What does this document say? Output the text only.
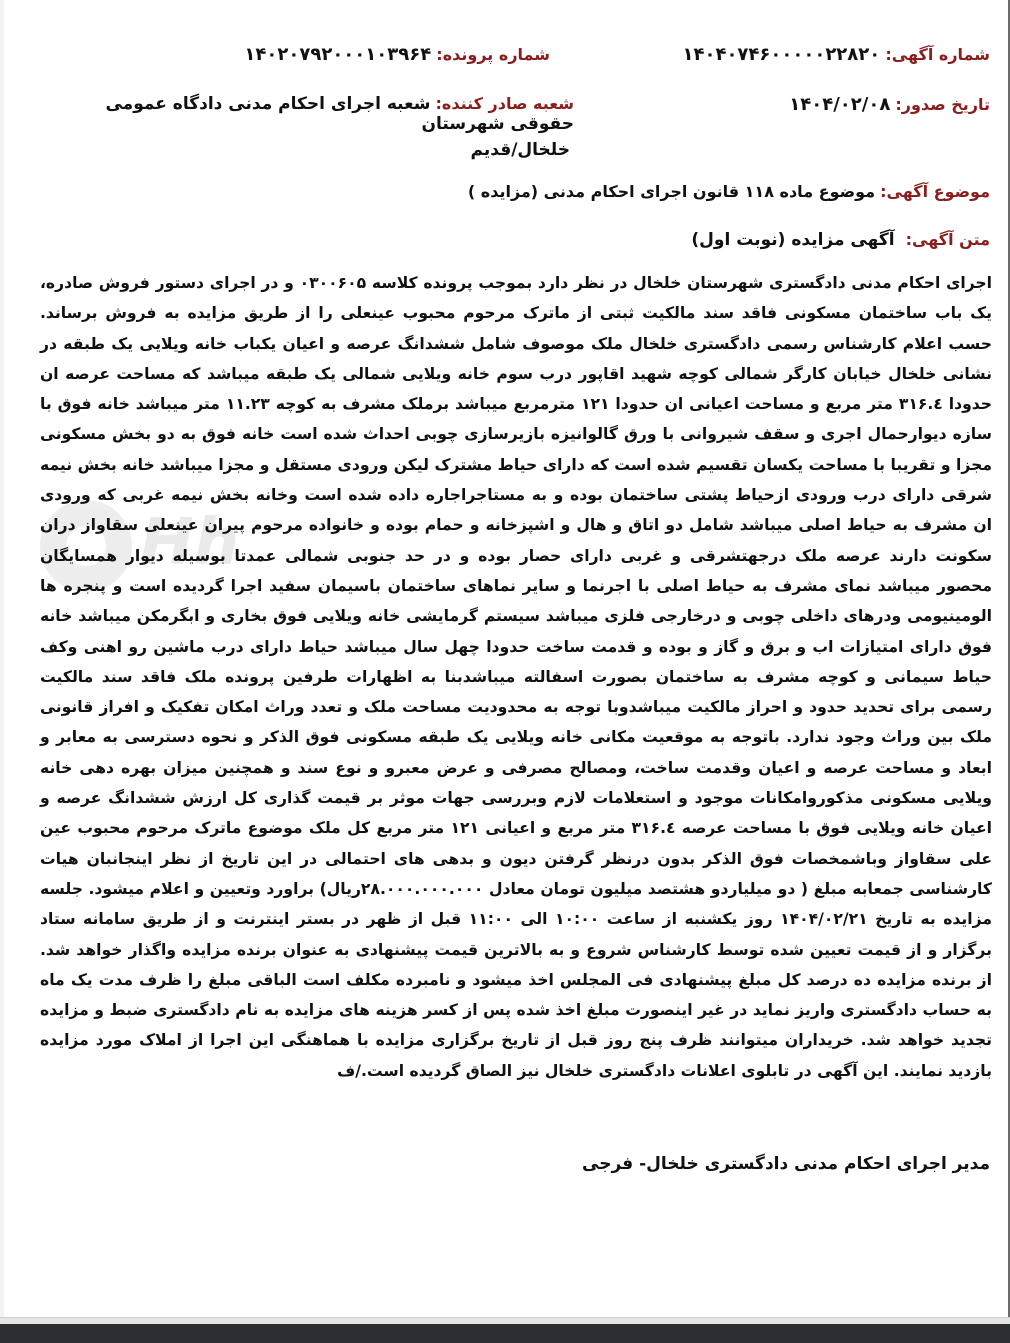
شماره آگهی: ۱۴۰۴۰۷۴۶۰۰۰۰۰۲۲۸۲۰
شماره پرونده: ۱۴۰۲۰۷۹۲۰۰۰۱۰۳۹۶۴
تاریخ صدور: ۱۴۰۴/۰۲/۰۸
شعبه صادر کننده: شعبه اجرای احکام مدنی دادگاه عمومی حقوقی شهرستان
خلخال/قدیم
موضوع آگهی: موضوع ماده ۱۱۸ قانون اجرای احکام مدنی (مزایده )
متن آگهی: آگهی مزایده (نوبت اول)
Hh
اجرای احکام مدنی دادگستری شهرستان خلخال در نظر دارد بموجب پرونده کلاسه ۰۳۰۰۶۰۵ و در اجرای دستور فروش صادره، یک باب ساختمان مسکونی فاقد سند مالکیت ثبتی از ماترک مرحوم محبوب عینعلی را از طریق مزایده به فروش برساند. حسب اعلام کارشناس رسمی دادگستری خلخال ملک موصوف شامل ششدانگ عرصه و اعیان یکباب خانه ویلایی یک طبقه در نشانی خلخال خیابان کارگر شمالی کوچه شهید اقاپور درب سوم خانه ویلایی شمالی یک طبقه میباشد که مساحت عرصه ان حدودا ۳۱۶.٤ متر مربع و مساحت اعیانی ان حدودا ۱۲۱ مترمربع میباشد برملک مشرف به کوچه ۱۱.۲۳ متر میباشد خانه فوق با سازه دیوارحمال اجری و سقف شیروانی با ورق گالوانیزه بازیرسازی چوبی احداث شده است خانه فوق به دو بخش مسکونی مجزا و تقریبا با مساحت یکسان تقسیم شده است که دارای حیاط مشترک لیکن ورودی مستقل و مجزا میباشد خانه بخش نیمه شرقی دارای درب ورودی ازحیاط پشتی ساختمان بوده و به مستاجراجاره داده شده است وخانه بخش نیمه غربی که ورودی ان مشرف به حیاط اصلی میباشد شامل دو اتاق و هال و اشپزخانه و حمام بوده و خانواده مرحوم پیران عینعلی سقاواز دران سکونت دارند عرصه ملک درجهتشرقی و غربی دارای حصار بوده و در حد جنوبی شمالی عمدتا بوسیله دیوار همسایگان محصور میباشد نمای مشرف به حیاط اصلی با اجرنما و سایر نماهای ساختمان باسیمان سفید اجرا گردیده است و پنجره ها الومینیومی ودرهای داخلی چوبی و درخارجی فلزی میباشد سیستم گرمایشی خانه ویلایی فوق بخاری و ابگرمکن میباشد خانه فوق دارای امتیازات اب و برق و گاز و بوده و قدمت ساخت حدودا چهل سال میباشد حیاط دارای درب ماشین رو اهنی وکف حیاط سیمانی و کوچه مشرف به ساختمان بصورت اسفالته میباشدبنا به اظهارات طرفین پرونده ملک فاقد سند مالکیت رسمی برای تحدید حدود و احراز مالکیت میباشدوبا توجه به محدودیت مساحت ملک و تعدد وراث امکان تفکیک و افراز قانونی ملک بین وراث وجود ندارد. باتوجه به موقعیت مکانی خانه ویلایی یک طبقه مسکونی فوق الذکر و نحوه دسترسی به معابر و ابعاد و مساحت عرصه و اعیان وقدمت ساخت، ومصالح مصرفی و عرض معبرو و نوع سند و همچنین میزان بهره دهی خانه ویلایی مسکونی مذکوروامکانات موجود و استعلامات لازم وبررسی جهات موثر بر قیمت گذاری کل ارزش ششدانگ عرصه و اعیان خانه ویلایی فوق با مساحت عرصه ۳۱۶.٤ متر مربع و اعیانی ۱۲۱ متر مربع کل ملک موضوع ماترک مرحوم محبوب عین علی سقاواز وباشمخصات فوق الذکر بدون درنظر گرفتن دیون و بدهی های احتمالی در این تاریخ از نظر اینجانبان هیات کارشناسی جمعابه مبلغ ( دو میلیاردو هشتصد میلیون تومان معادل ۲۸.۰۰۰.۰۰۰.۰۰۰ریال) براورد وتعیین و اعلام میشود. جلسه مزایده به تاریخ ۱۴۰۴/۰۲/۲۱ روز یکشنبه از ساعت ۱۰:۰۰ الی ۱۱:۰۰ قبل از ظهر در بستر اینترنت و از طریق سامانه ستاد برگزار و از قیمت تعیین شده توسط کارشناس شروع و به بالاترین قیمت پیشنهادی به عنوان برنده مزایده واگذار خواهد شد. از برنده مزایده ده درصد کل مبلغ پیشنهادی فی المجلس اخذ میشود و نامبرده مکلف است الباقی مبلغ را ظرف مدت یک ماه به حساب دادگستری واریز نماید در غیر اینصورت مبلغ اخذ شده پس از کسر هزینه های مزایده به نام دادگستری ضبط و مزایده تجدید خواهد شد. خریداران میتوانند ظرف پنج روز قبل از تاریخ برگزاری مزایده با هماهنگی این اجرا از املاک مورد مزایده بازدید نمایند. این آگهی در تابلوی اعلانات دادگستری خلخال نیز الصاق گردیده است./ف
مدیر اجرای احکام مدنی دادگستری خلخال- فرجی
